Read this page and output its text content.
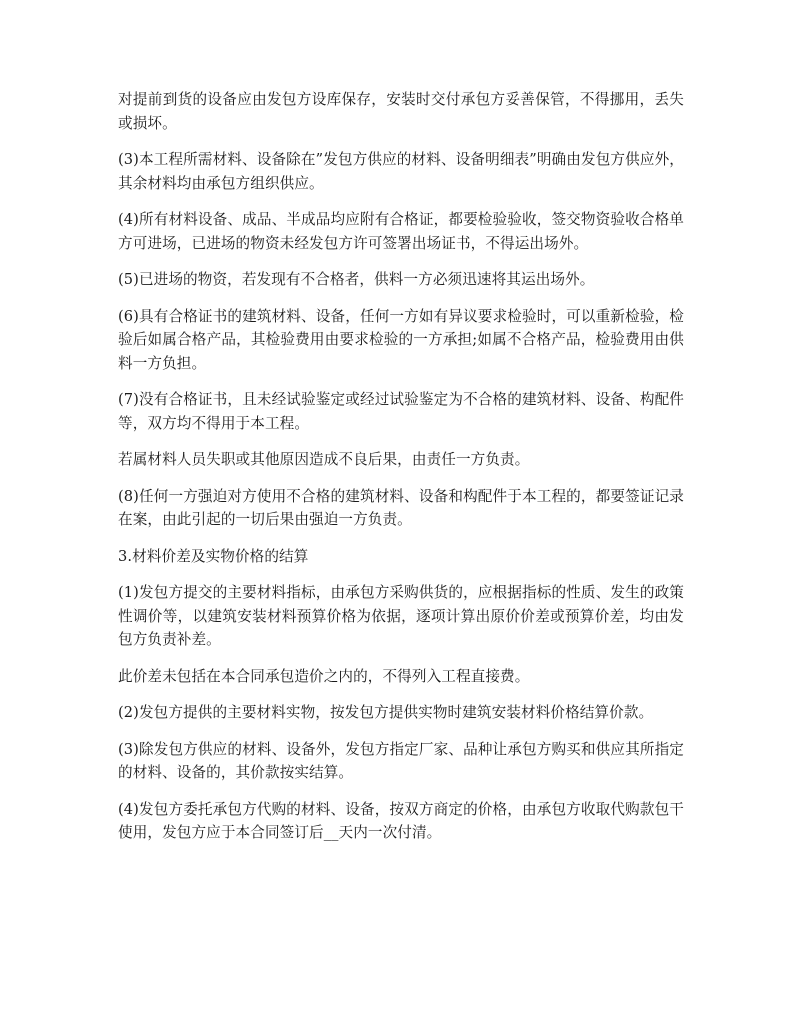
对提前到货的设备应由发包方设库保存，安装时交付承包方妥善保管，不得挪用，丢失或损坏。

(3)本工程所需材料、设备除在”发包方供应的材料、设备明细表”明确由发包方供应外，其余材料均由承包方组织供应。

(4)所有材料设备、成品、半成品均应附有合格证，都要检验验收，签交物资验收合格单方可进场，已进场的物资未经发包方许可签署出场证书，不得运出场外。

(5)已进场的物资，若发现有不合格者，供料一方必须迅速将其运出场外。

(6)具有合格证书的建筑材料、设备，任何一方如有异议要求检验时，可以重新检验，检验后如属合格产品，其检验费用由要求检验的一方承担;如属不合格产品，检验费用由供料一方负担。

(7)没有合格证书，且未经试验鉴定或经过试验鉴定为不合格的建筑材料、设备、构配件等，双方均不得用于本工程。

若属材料人员失职或其他原因造成不良后果，由责任一方负责。

(8)任何一方强迫对方使用不合格的建筑材料、设备和构配件于本工程的，都要签证记录在案，由此引起的一切后果由强迫一方负责。

3.材料价差及实物价格的结算

(1)发包方提交的主要材料指标，由承包方采购供货的，应根据指标的性质、发生的政策性调价等，以建筑安装材料预算价格为依据，逐项计算出原价价差或预算价差，均由发包方负责补差。

此价差未包括在本合同承包造价之内的，不得列入工程直接费。

(2)发包方提供的主要材料实物，按发包方提供实物时建筑安装材料价格结算价款。

(3)除发包方供应的材料、设备外，发包方指定厂家、品种让承包方购买和供应其所指定的材料、设备的，其价款按实结算。

(4)发包方委托承包方代购的材料、设备，按双方商定的价格，由承包方收取代购款包干使用，发包方应于本合同签订后__天内一次付清。
